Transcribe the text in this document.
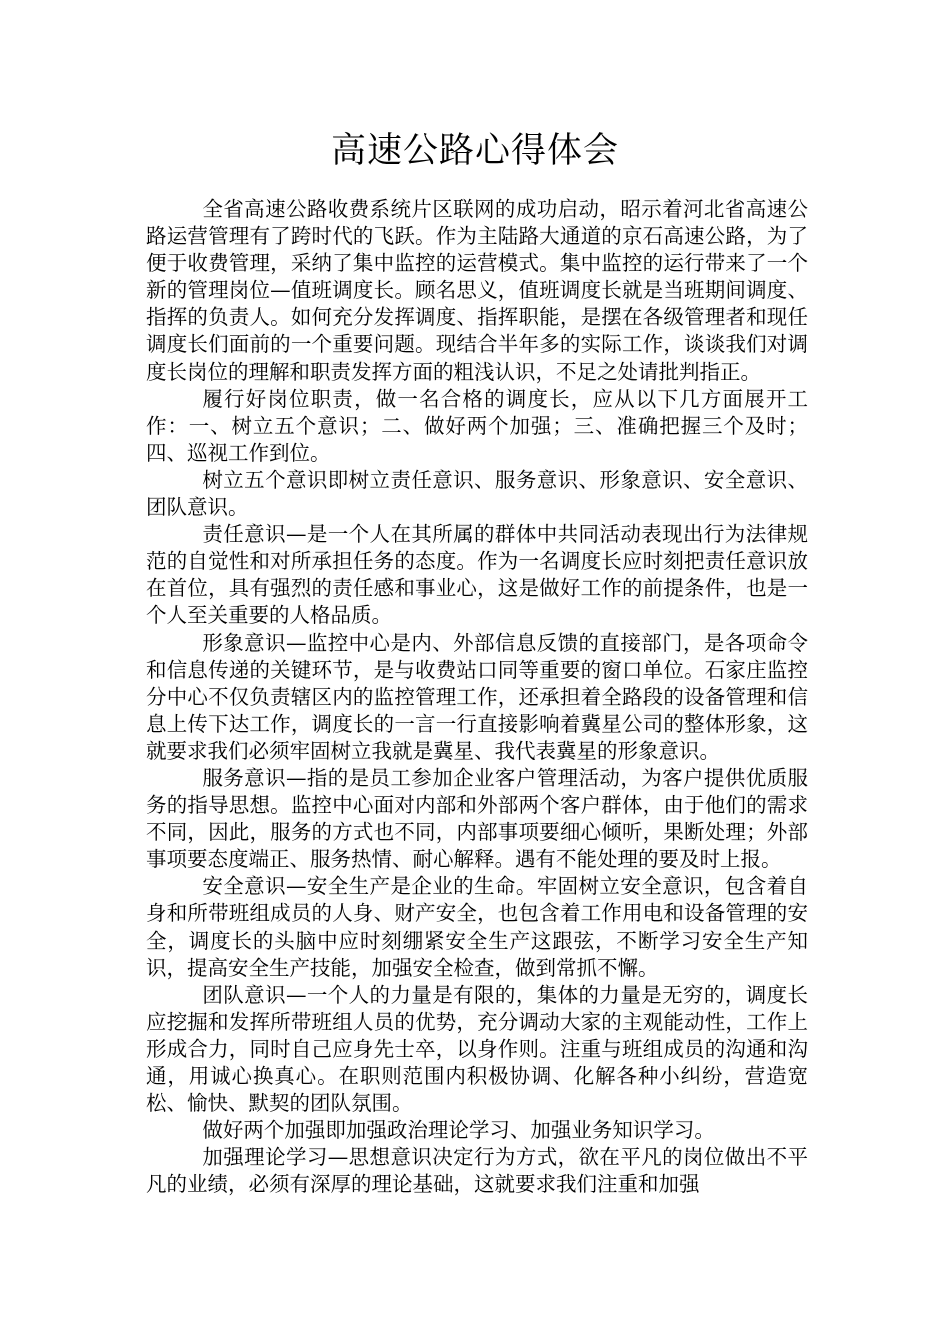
高速公路心得体会

全省高速公路收费系统片区联网的成功启动，昭示着河北省高速公路运营管理有了跨时代的飞跃。作为主陆路大通道的京石高速公路，为了便于收费管理，采纳了集中监控的运营模式。集中监控的运行带来了一个新的管理岗位—值班调度长。顾名思义，值班调度长就是当班期间调度、指挥的负责人。如何充分发挥调度、指挥职能，是摆在各级管理者和现任调度长们面前的一个重要问题。现结合半年多的实际工作，谈谈我们对调度长岗位的理解和职责发挥方面的粗浅认识，不足之处请批判指正。

履行好岗位职责，做一名合格的调度长，应从以下几方面展开工作：一、树立五个意识；二、做好两个加强；三、准确把握三个及时；四、巡视工作到位。

树立五个意识即树立责任意识、服务意识、形象意识、安全意识、团队意识。

责任意识—是一个人在其所属的群体中共同活动表现出行为法律规范的自觉性和对所承担任务的态度。作为一名调度长应时刻把责任意识放在首位，具有强烈的责任感和事业心，这是做好工作的前提条件，也是一个人至关重要的人格品质。

形象意识—监控中心是内、外部信息反馈的直接部门，是各项命令和信息传递的关键环节，是与收费站口同等重要的窗口单位。石家庄监控分中心不仅负责辖区内的监控管理工作，还承担着全路段的设备管理和信息上传下达工作，调度长的一言一行直接影响着冀星公司的整体形象，这就要求我们必须牢固树立我就是冀星、我代表冀星的形象意识。

服务意识—指的是员工参加企业客户管理活动，为客户提供优质服务的指导思想。监控中心面对内部和外部两个客户群体，由于他们的需求不同，因此，服务的方式也不同，内部事项要细心倾听，果断处理；外部事项要态度端正、服务热情、耐心解释。遇有不能处理的要及时上报。

安全意识—安全生产是企业的生命。牢固树立安全意识，包含着自身和所带班组成员的人身、财产安全，也包含着工作用电和设备管理的安全，调度长的头脑中应时刻绷紧安全生产这跟弦，不断学习安全生产知识，提高安全生产技能，加强安全检查，做到常抓不懈。

团队意识—一个人的力量是有限的，集体的力量是无穷的，调度长应挖掘和发挥所带班组人员的优势，充分调动大家的主观能动性，工作上形成合力，同时自己应身先士卒，以身作则。注重与班组成员的沟通和沟通，用诚心换真心。在职则范围内积极协调、化解各种小纠纷，营造宽松、愉快、默契的团队氛围。

做好两个加强即加强政治理论学习、加强业务知识学习。

加强理论学习—思想意识决定行为方式，欲在平凡的岗位做出不平凡的业绩，必须有深厚的理论基础，这就要求我们注重和加强
